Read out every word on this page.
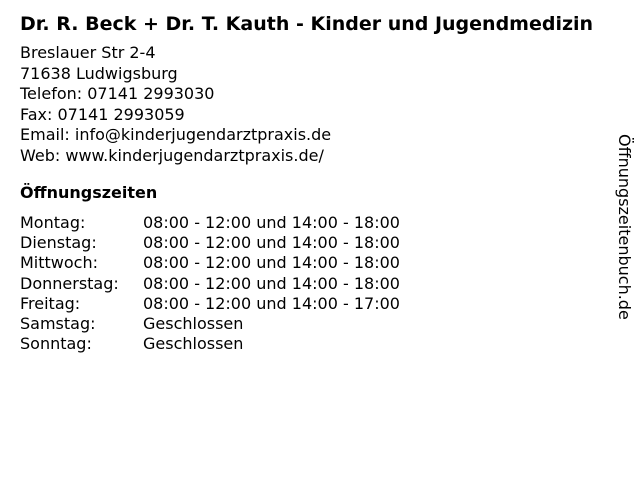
Dr. R. Beck + Dr. T. Kauth - Kinder und Jugendmedizin
Breslauer Str 2-4
71638 Ludwigsburg
Telefon: 07141 2993030
Fax: 07141 2993059
Email: info@kinderjugendarztpraxis.de
Web: www.kinderjugendarztpraxis.de/
Öffnungszeiten
Montag:	08:00 - 12:00 und 14:00 - 18:00
Dienstag:	08:00 - 12:00 und 14:00 - 18:00
Mittwoch:	08:00 - 12:00 und 14:00 - 18:00
Donnerstag: 08:00 - 12:00 und 14:00 - 18:00
Freitag:	08:00 - 12:00 und 14:00 - 17:00
Samstag:	Geschlossen
Sonntag:	Geschlossen
Öffnungszeitenbuch.de
